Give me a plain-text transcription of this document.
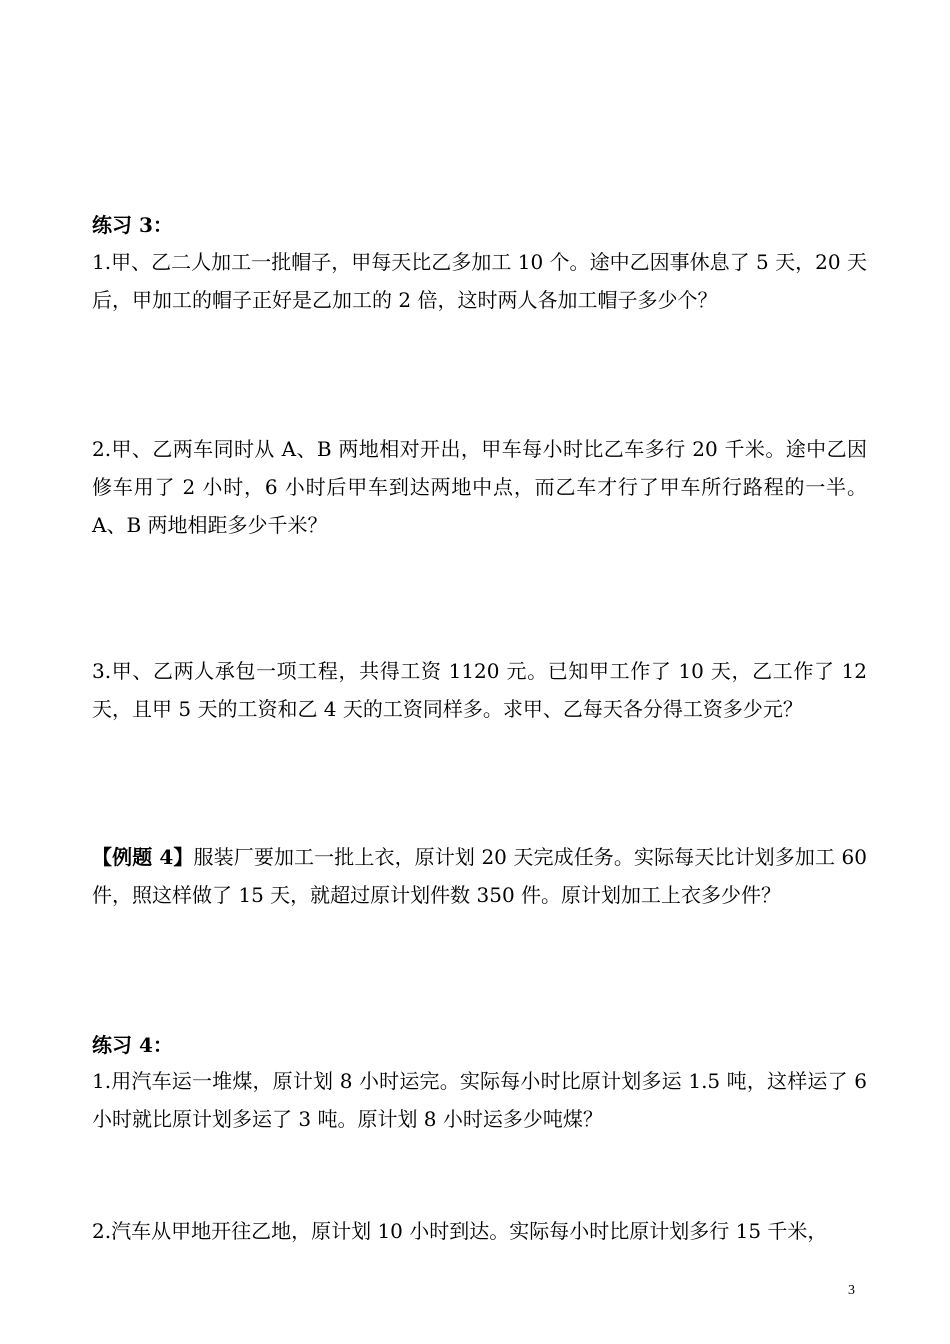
练习 3：
1.甲、乙二人加工一批帽子，甲每天比乙多加工 10 个。途中乙因事休息了 5 天，20 天后，甲加工的帽子正好是乙加工的 2 倍，这时两人各加工帽子多少个？
2.甲、乙两车同时从 A、B 两地相对开出，甲车每小时比乙车多行 20 千米。途中乙因修车用了 2 小时，6 小时后甲车到达两地中点，而乙车才行了甲车所行路程的一半。A、B 两地相距多少千米？
3.甲、乙两人承包一项工程，共得工资 1120 元。已知甲工作了 10 天，乙工作了 12 天，且甲 5 天的工资和乙 4 天的工资同样多。求甲、乙每天各分得工资多少元？
【例题 4】服装厂要加工一批上衣，原计划 20 天完成任务。实际每天比计划多加工 60 件，照这样做了 15 天，就超过原计划件数 350 件。原计划加工上衣多少件？
练习 4：
1.用汽车运一堆煤，原计划 8 小时运完。实际每小时比原计划多运 1.5 吨，这样运了 6 小时就比原计划多运了 3 吨。原计划 8 小时运多少吨煤？
2.汽车从甲地开往乙地，原计划 10 小时到达。实际每小时比原计划多行 15 千米，
3
